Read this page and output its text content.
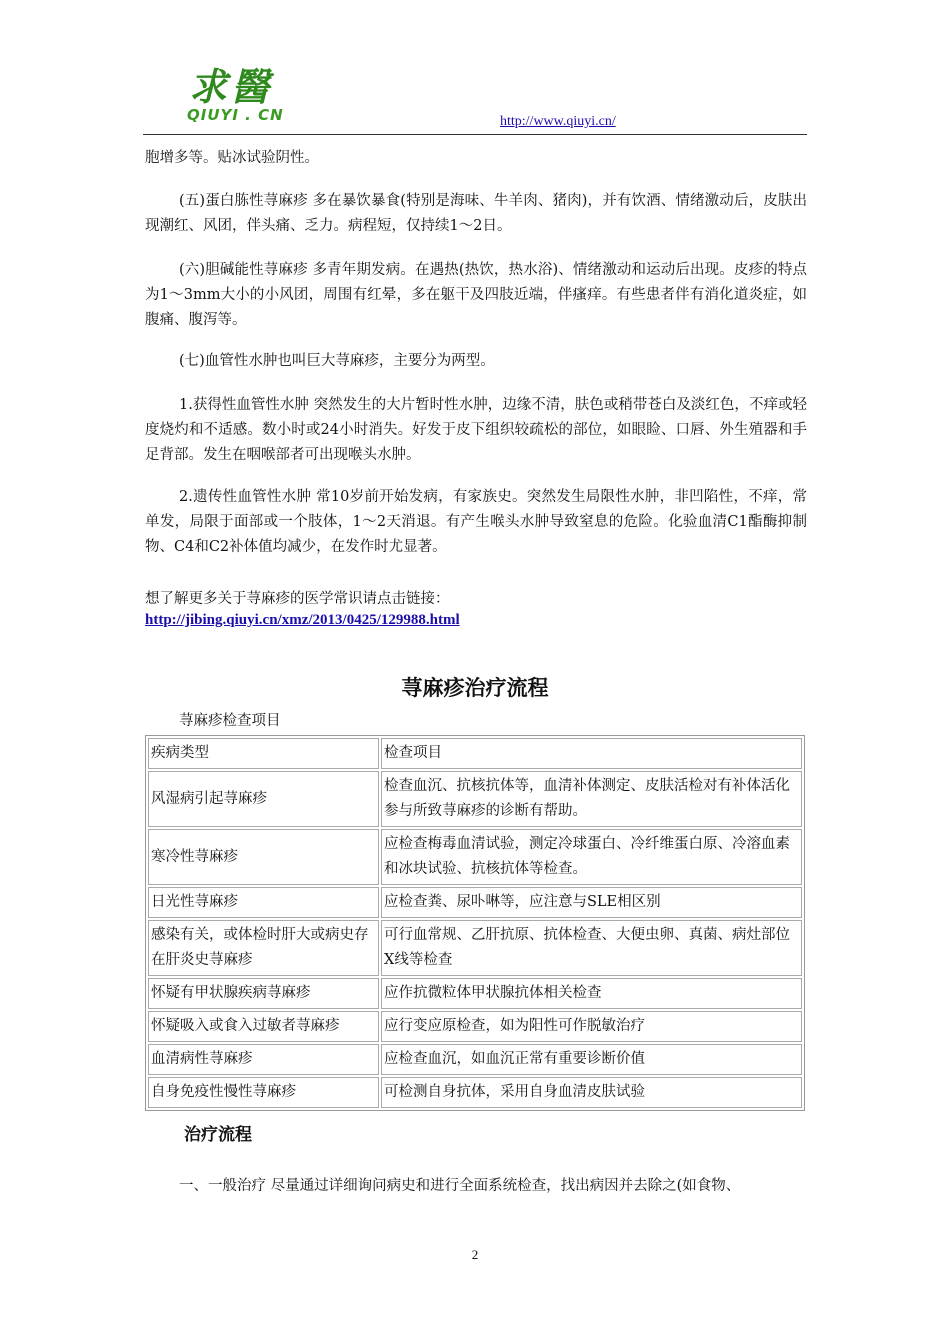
求醫
QIUYI . CN	http://www.qiuyi.cn/
胞增多等。贴冰试验阴性。
(五)蛋白胨性荨麻疹 多在暴饮暴食(特别是海味、牛羊肉、猪肉)，并有饮酒、情绪激动后，皮肤出现潮红、风团，伴头痛、乏力。病程短，仅持续1～2日。
(六)胆碱能性荨麻疹 多青年期发病。在遇热(热饮，热水浴)、情绪激动和运动后出现。皮疹的特点为1～3mm大小的小风团，周围有红晕，多在躯干及四肢近端，伴瘙痒。有些患者伴有消化道炎症，如腹痛、腹泻等。
(七)血管性水肿也叫巨大荨麻疹，主要分为两型。
1.获得性血管性水肿 突然发生的大片暂时性水肿，边缘不清，肤色或稍带苍白及淡红色，不痒或轻度烧灼和不适感。数小时或24小时消失。好发于皮下组织较疏松的部位，如眼睑、口唇、外生殖器和手足背部。发生在咽喉部者可出现喉头水肿。
2.遗传性血管性水肿 常10岁前开始发病，有家族史。突然发生局限性水肿，非凹陷性，不痒，常单发，局限于面部或一个肢体，1～2天消退。有产生喉头水肿导致窒息的危险。化验血清C1酯酶抑制物、C4和C2补体值均减少，在发作时尤显著。
想了解更多关于荨麻疹的医学常识请点击链接：
http://jibing.qiuyi.cn/xmz/2013/0425/129988.html
荨麻疹治疗流程
荨麻疹检查项目
疾病类型	检查项目
风湿病引起荨麻疹	检查血沉、抗核抗体等，血清补体测定、皮肤活检对有补体活化参与所致荨麻疹的诊断有帮助。
寒冷性荨麻疹	应检查梅毒血清试验，测定冷球蛋白、冷纤维蛋白原、冷溶血素和冰块试验、抗核抗体等检查。
日光性荨麻疹	应检查粪、尿卟啉等，应注意与SLE相区别
感染有关，或体检时肝大或病史存在肝炎史荨麻疹	可行血常规、乙肝抗原、抗体检查、大便虫卵、真菌、病灶部位X线等检查
怀疑有甲状腺疾病荨麻疹	应作抗微粒体甲状腺抗体相关检查
怀疑吸入或食入过敏者荨麻疹	应行变应原检查，如为阳性可作脱敏治疗
血清病性荨麻疹	应检查血沉，如血沉正常有重要诊断价值
自身免疫性慢性荨麻疹	可检测自身抗体，采用自身血清皮肤试验
治疗流程
一、一般治疗 尽量通过详细询问病史和进行全面系统检查，找出病因并去除之(如食物、
2
